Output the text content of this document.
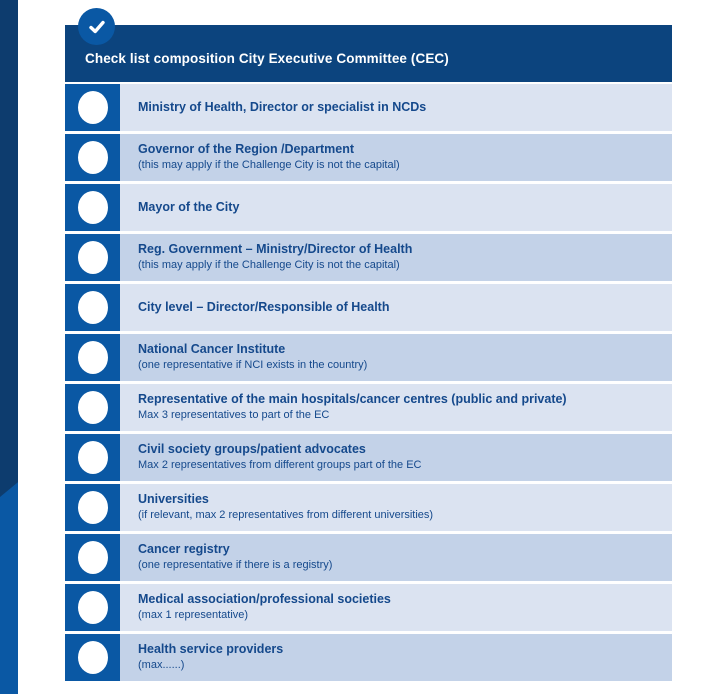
Check list composition City Executive Committee (CEC)
Ministry of Health, Director or specialist in NCDs
Governor of the Region /Department
(this may apply if the Challenge City is not the capital)
Mayor of the City
Reg. Government – Ministry/Director of Health
(this may apply if the Challenge City is not the capital)
City level – Director/Responsible of Health
National Cancer Institute
(one representative if NCI exists in the country)
Representative of the main hospitals/cancer centres (public and private)
Max 3 representatives to part of the EC
Civil society groups/patient advocates
Max 2 representatives from different groups part of the EC
Universities
(if relevant, max 2 representatives from different universities)
Cancer registry
(one representative if there is a registry)
Medical association/professional societies
(max 1 representative)
Health service providers
(max......)
